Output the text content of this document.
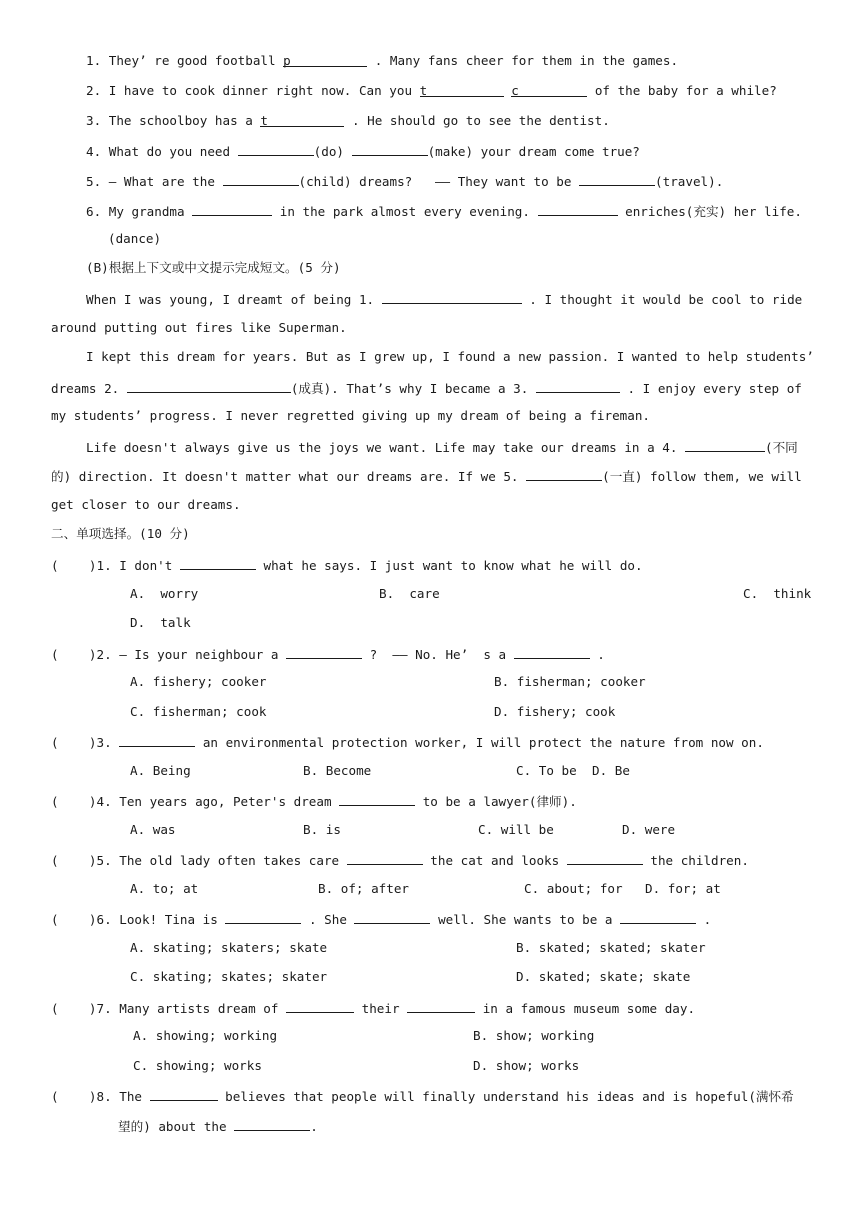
1. They’ re good football p	. Many fans cheer for them in the games.
2. I have to cook dinner right now. Can you t	c	of the baby for a while?
3. The schoolboy has a t	. He should go to see the dentist.
4. What do you need	(do)	(make) your dream come true?
5. — What are the	(child) dreams?   —— They want to be	(travel).
6. My grandma	in the park almost every evening.	enriches(充实) her life.
(dance)
(B)根据上下文或中文提示完成短文。(5 分)
When I was young, I dreamt of being 1.	. I thought it would be cool to ride
around putting out fires like Superman.
I kept this dream for years. But as I grew up, I found a new passion. I wanted to help students’
dreams 2.	(成真). That’s why I became a 3.	. I enjoy every step of
my students’ progress. I never regretted giving up my dream of being a fireman.
Life doesn't always give us the joys we want. Life may take our dreams in a 4.	(不同
的) direction. It doesn't matter what our dreams are. If we 5.	(一直) follow them, we will
get closer to our dreams.
二、单项选择。(10 分)
(    )1. I don't	what he says. I just want to know what he will do.
A.  worry	B.  care	C.  think
D.  talk
(    )2. — Is your neighbour a	?  —— No. He’  s a	.
A. fishery; cooker	B. fisherman; cooker
C. fisherman; cook	D. fishery; cook
(    )3.	an environmental protection worker, I will protect the nature from now on.
A. Being	B. Become	C. To be D. Be
(    )4. Ten years ago, Peter's dream	to be a lawyer(律师).
A. was	B. is	C. will be	D. were
(    )5. The old lady often takes care	the cat and looks	the children.
A. to; at	B. of; after	C. about; for D. for; at
(    )6. Look! Tina is	. She	well. She wants to be a	.
A. skating; skaters; skate	B. skated; skated; skater
C. skating; skates; skater	D. skated; skate; skate
(    )7. Many artists dream of	their	in a famous museum some day.
A. showing; working	B. show; working
C. showing; works	D. show; works
(    )8. The	believes that people will finally understand his ideas and is hopeful(满怀希
望的) about the	.
